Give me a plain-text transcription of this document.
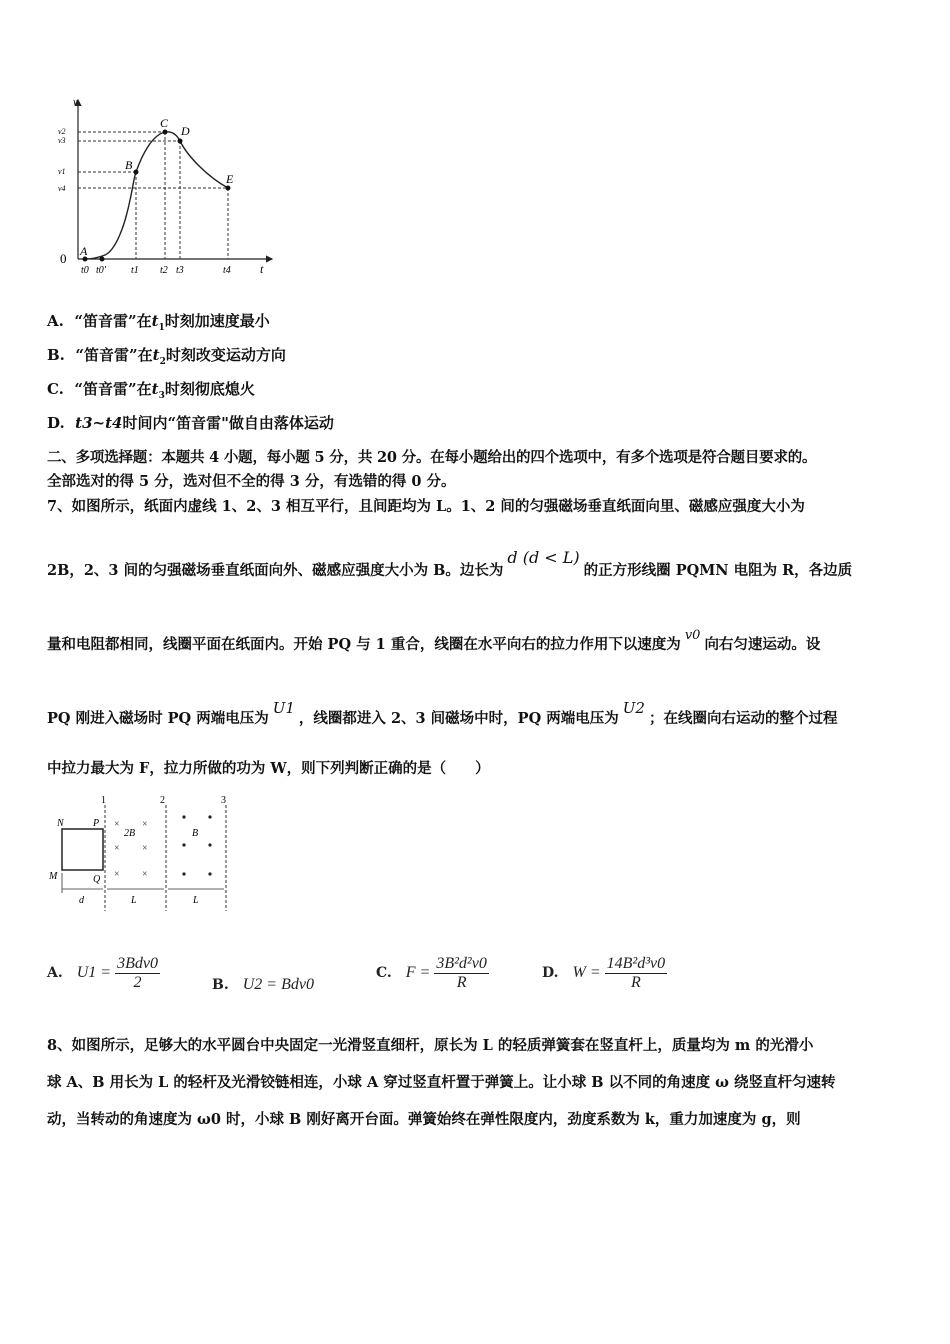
v
t
0 A
B
C
D
E
v2
v3
v1
v4
t0 t0'	t1 t2 t3	t4
A. “笛音雷”在$t_1$时刻加速度最小
B. “笛音雷”在$t_2$时刻改变运动方向
C. “笛音雷”在$t_3$时刻彻底熄火
D. t3~t4时间内“笛音雷"做自由落体运动
二、多项选择题：本题共 4 小题，每小题 5 分，共 20 分。在每小题给出的四个选项中，有多个选项是符合题目要求的。
全部选对的得 5 分，选对但不全的得 3 分，有选错的得 0 分。
7、如图所示，纸面内虚线 1、2、3 相互平行，且间距均为 L。1、2 间的匀强磁场垂直纸面向里、磁感应强度大小为
2B，2、3 间的匀强磁场垂直纸面向外、磁感应强度大小为 B。边长为d (d < L)的正方形线圈 PQMN 电阻为 R，各边质
量和电阻都相同，线圈平面在纸面内。开始 PQ 与 1 重合，线圈在水平向右的拉力作用下以速度为v0向右匀速运动。设
PQ 刚进入磁场时 PQ 两端电压为U1，线圈都进入 2、3 间磁场中时，PQ 两端电压为U2；在线圈向右运动的整个过程
中拉力最大为 F，拉力所做的功为 W，则下列判断正确的是（　　）
1	2	3
N	P
M	Q
× ×
× ×
× ×
2B	B
d	L	L
A. $U1 = \frac{\text{3Bdv0}}{2}$	B. U2 = Bdv0
C. $F = \frac{\text{3B²d²v0}}{R}$	D. $W = \frac{\text{14B²d³v0}}{R}$
8、如图所示，足够大的水平圆台中央固定一光滑竖直细杆，原长为 L 的轻质弹簧套在竖直杆上，质量均为 m 的光滑小
球 A、B 用长为 L 的轻杆及光滑铰链相连，小球 A 穿过竖直杆置于弹簧上。让小球 B 以不同的角速度 ω 绕竖直杆匀速转
动，当转动的角速度为 ω0 时，小球 B 刚好离开台面。弹簧始终在弹性限度内，劲度系数为 k，重力加速度为 g，则
